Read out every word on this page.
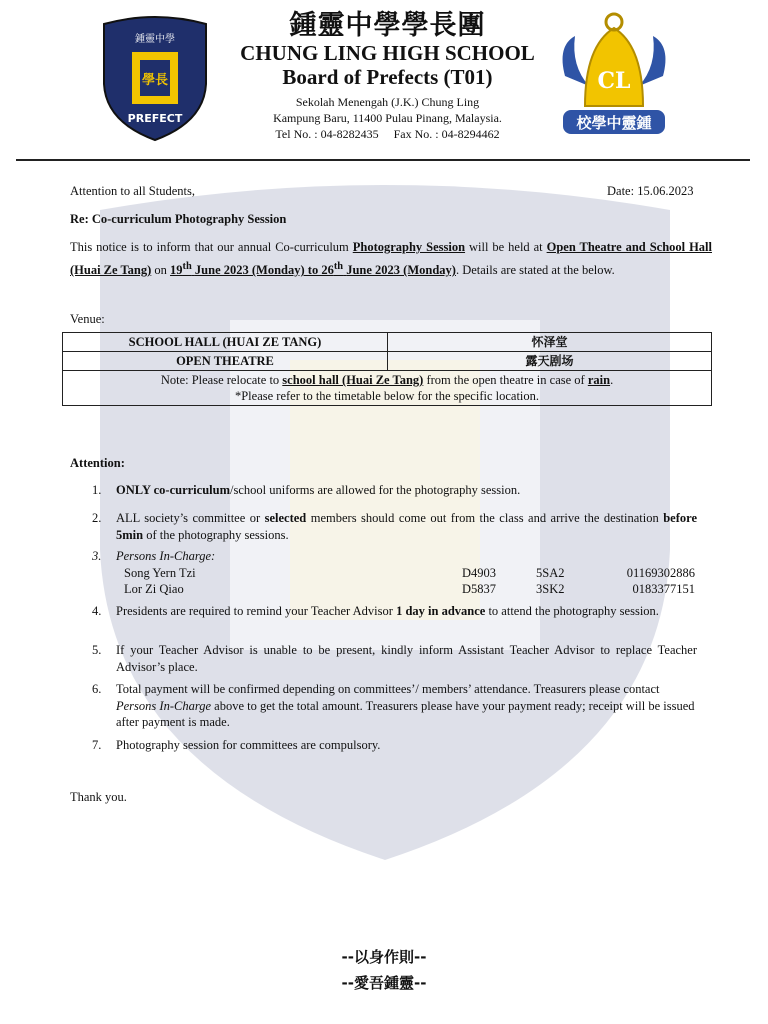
鍾靈中學
學長
PREFECT
CL
校學中靈鍾
鍾靈中學學長團
CHUNG LING HIGH SCHOOL
Board of Prefects (T01)
Sekolah Menengah (J.K.) Chung Ling
Kampung Baru, 11400 Pulau Pinang, Malaysia.
Tel No. : 04-8282435 Fax No. : 04-8294462
Attention to all Students,	Date: 15.06.2023
Re: Co-curriculum Photography Session
This notice is to inform that our annual Co-curriculum Photography Session will be held at Open Theatre and School Hall (Huai Ze Tang) on 19th June 2023 (Monday) to 26th June 2023 (Monday). Details are stated at the below.
Venue:
SCHOOL HALL (HUAI ZE TANG)	怀泽堂
OPEN THEATRE	露天剧场
Note: Please relocate to school hall (Huai Ze Tang) from the open theatre in case of rain.
*Please refer to the timetable below for the specific location.	
Attention:
1.	ONLY co-curriculum/school uniforms are allowed for the photography session.
2.	ALL society’s committee or selected members should come out from the class and arrive the destination before 5min of the photography sessions.
3.	Persons In-Charge:
Song Yern Tzi	D4903	5SA2	01169302886
Lor Zi Qiao	D5837	3SK2	0183377151
4.	Presidents are required to remind your Teacher Advisor 1 day in advance to attend the photography session.
5.	If your Teacher Advisor is unable to be present, kindly inform Assistant Teacher Advisor to replace Teacher Advisor’s place.
6.	Total payment will be confirmed depending on committees’/ members’ attendance. Treasurers please contact Persons In-Charge above to get the total amount. Treasurers please have your payment ready; receipt will be issued after payment is made.
7.	Photography session for committees are compulsory.
Thank you.
--以身作則--
--愛吾鍾靈--
